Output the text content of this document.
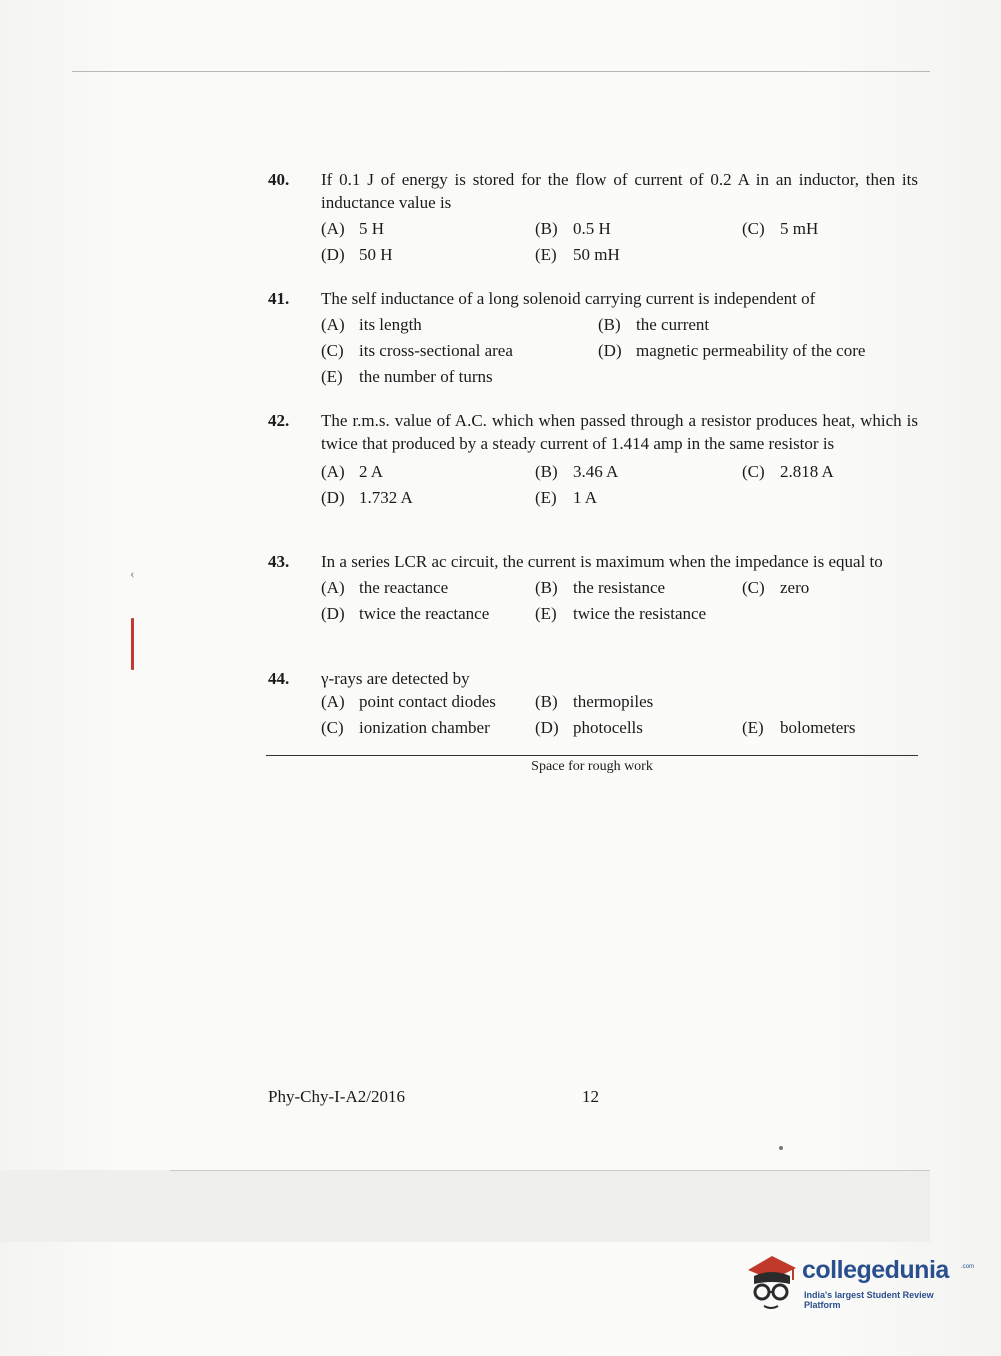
‹
40. If 0.1 J of energy is stored for the flow of current of 0.2 A in an inductor, then its inductance value is
(A) 5 H	(B) 0.5 H	(C) 5 mH
(D) 50 H	(E) 50 mH
41. The self inductance of a long solenoid carrying current is independent of
(A) its length	(B) the current
(C) its cross-sectional area	(D) magnetic permeability of the core
(E) the number of turns
42. The r.m.s. value of A.C. which when passed through a resistor produces heat, which is twice that produced by a steady current of 1.414 amp in the same resistor is
(A) 2 A	(B) 3.46 A	(C) 2.818 A
(D) 1.732 A	(E) 1 A
43. In a series LCR ac circuit, the current is maximum when the impedance is equal to
(A) the reactance	(B) the resistance	(C) zero
(D) twice the reactance	(E) twice the resistance
44. γ-rays are detected by
(A) point contact diodes (B) thermopiles
(C) ionization chamber	(D) photocells	(E) bolometers
Space for rough work
Phy-Chy-I-A2/2016	12
collegedunia .com
India's largest Student Review Platform
